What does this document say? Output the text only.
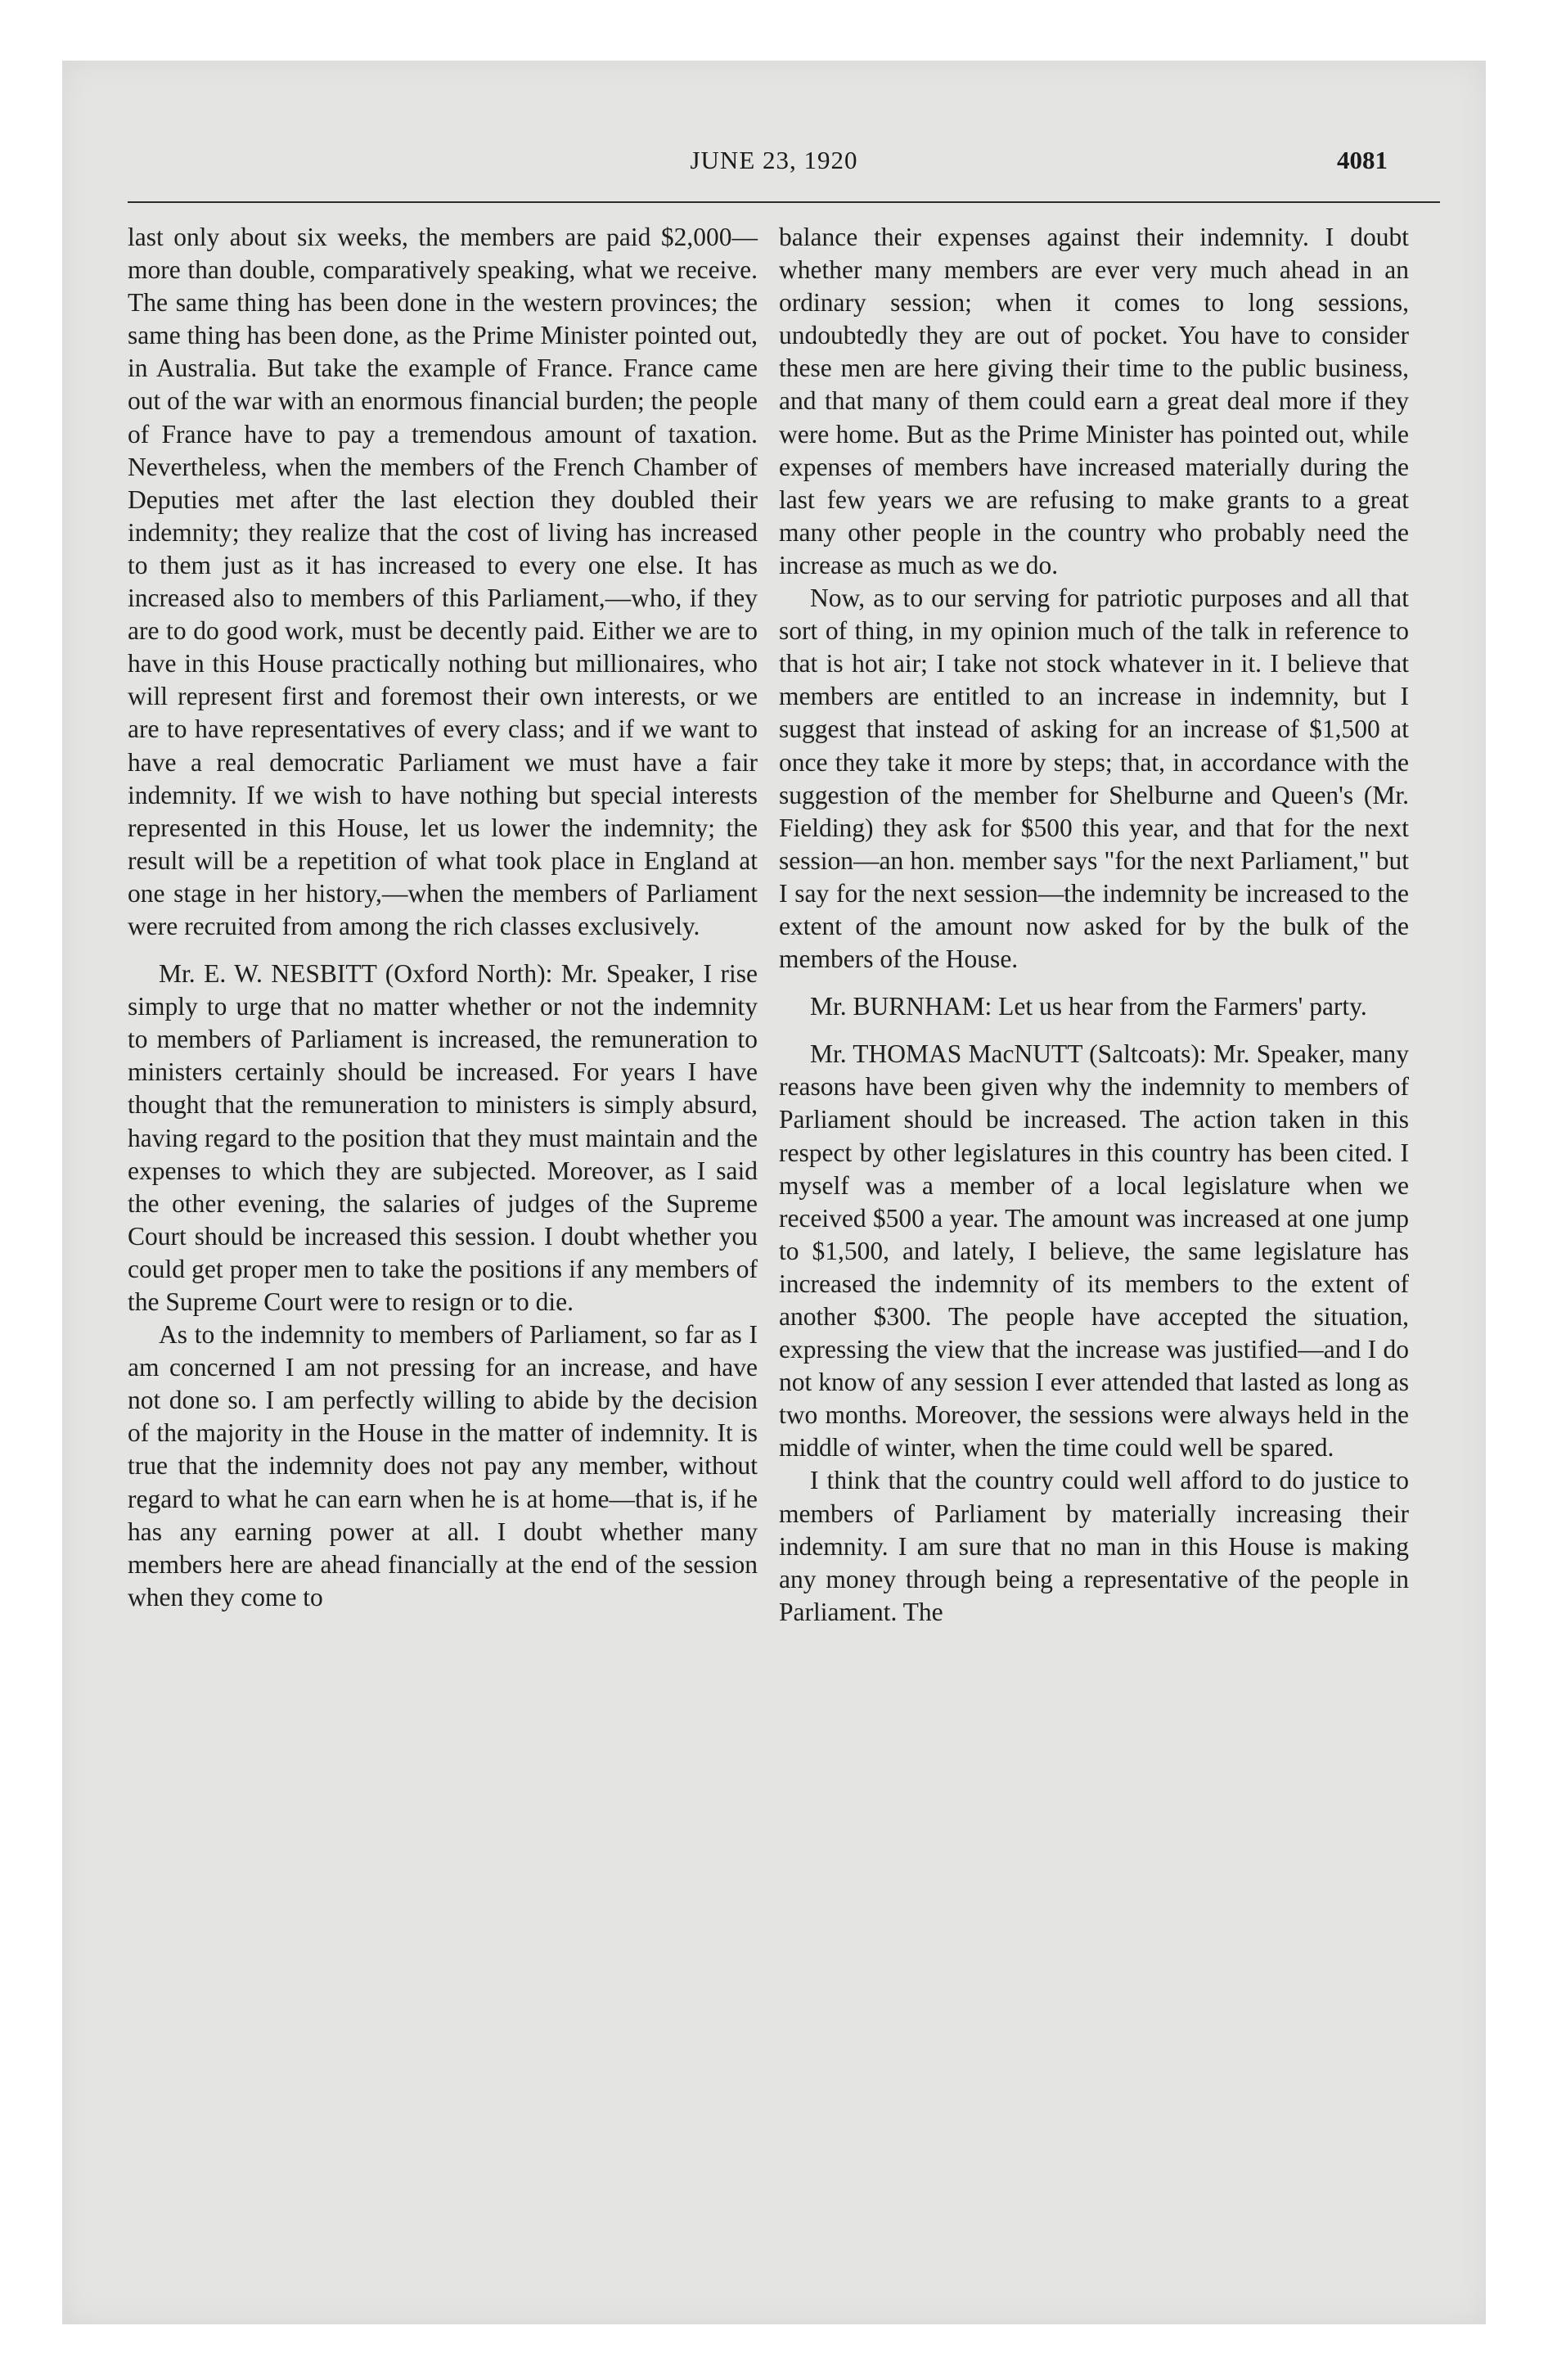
JUNE 23, 1920	4081

last only about six weeks, the members are paid $2,000—more than double, comparatively speaking, what we receive. The same thing has been done in the western provinces; the same thing has been done, as the Prime Minister pointed out, in Australia. But take the example of France. France came out of the war with an enormous financial burden; the people of France have to pay a tremendous amount of taxation. Nevertheless, when the members of the French Chamber of Deputies met after the last election they doubled their indemnity; they realize that the cost of living has increased to them just as it has increased to every one else. It has increased also to members of this Parliament,—who, if they are to do good work, must be decently paid. Either we are to have in this House practically nothing but millionaires, who will represent first and foremost their own interests, or we are to have representatives of every class; and if we want to have a real democratic Parliament we must have a fair indemnity. If we wish to have nothing but special interests represented in this House, let us lower the indemnity; the result will be a repetition of what took place in England at one stage in her history,—when the members of Parliament were recruited from among the rich classes exclusively.

Mr. E. W. NESBITT (Oxford North): Mr. Speaker, I rise simply to urge that no matter whether or not the indemnity to members of Parliament is increased, the remuneration to ministers certainly should be increased. For years I have thought that the remuneration to ministers is simply absurd, having regard to the position that they must maintain and the expenses to which they are subjected. Moreover, as I said the other evening, the salaries of judges of the Supreme Court should be increased this session. I doubt whether you could get proper men to take the positions if any members of the Supreme Court were to resign or to die.

As to the indemnity to members of Parliament, so far as I am concerned I am not pressing for an increase, and have not done so. I am perfectly willing to abide by the decision of the majority in the House in the matter of indemnity. It is true that the indemnity does not pay any member, without regard to what he can earn when he is at home—that is, if he has any earning power at all. I doubt whether many members here are ahead financially at the end of the session when they come to

balance their expenses against their indemnity. I doubt whether many members are ever very much ahead in an ordinary session; when it comes to long sessions, undoubtedly they are out of pocket. You have to consider these men are here giving their time to the public business, and that many of them could earn a great deal more if they were home. But as the Prime Minister has pointed out, while expenses of members have increased materially during the last few years we are refusing to make grants to a great many other people in the country who probably need the increase as much as we do.

Now, as to our serving for patriotic purposes and all that sort of thing, in my opinion much of the talk in reference to that is hot air; I take not stock whatever in it. I believe that members are entitled to an increase in indemnity, but I suggest that instead of asking for an increase of $1,500 at once they take it more by steps; that, in accordance with the suggestion of the member for Shelburne and Queen's (Mr. Fielding) they ask for $500 this year, and that for the next session—an hon. member says "for the next Parliament," but I say for the next session—the indemnity be increased to the extent of the amount now asked for by the bulk of the members of the House.

Mr. BURNHAM: Let us hear from the Farmers' party.

Mr. THOMAS MacNUTT (Saltcoats): Mr. Speaker, many reasons have been given why the indemnity to members of Parliament should be increased. The action taken in this respect by other legislatures in this country has been cited. I myself was a member of a local legislature when we received $500 a year. The amount was increased at one jump to $1,500, and lately, I believe, the same legislature has increased the indemnity of its members to the extent of another $300. The people have accepted the situation, expressing the view that the increase was justified—and I do not know of any session I ever attended that lasted as long as two months. Moreover, the sessions were always held in the middle of winter, when the time could well be spared.

I think that the country could well afford to do justice to members of Parliament by materially increasing their indemnity. I am sure that no man in this House is making any money through being a representative of the people in Parliament. The
